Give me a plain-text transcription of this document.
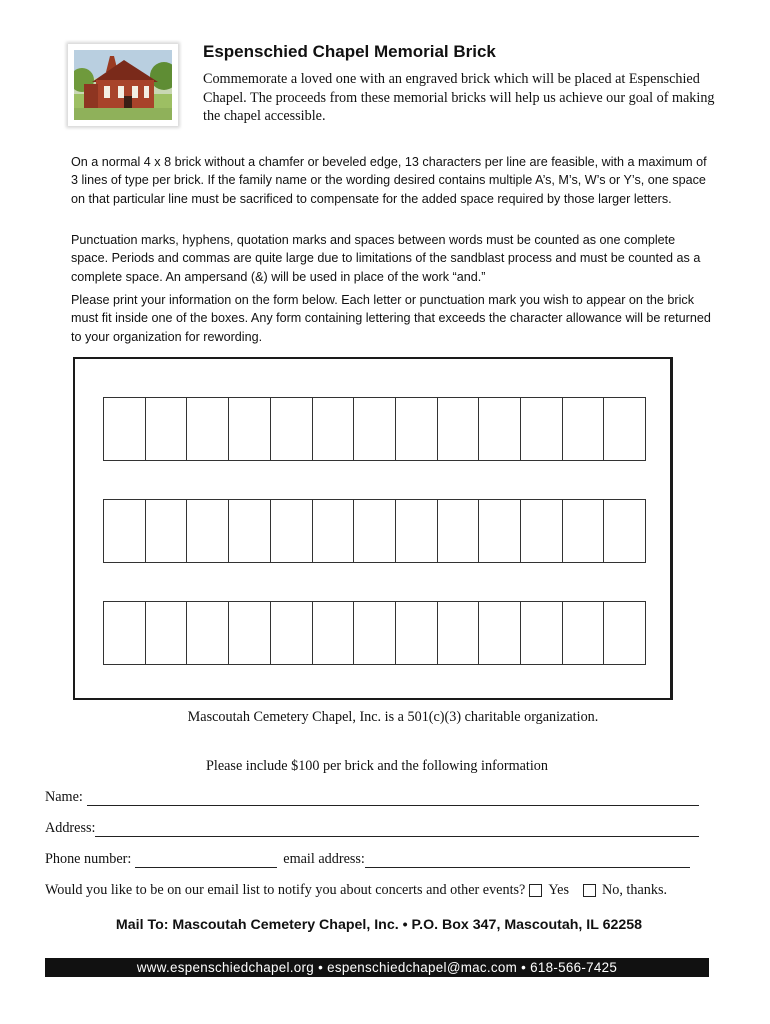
Espenschied Chapel Memorial Brick

Commemorate a loved one with an engraved brick which will be placed at Espenschied Chapel. The proceeds from these memorial bricks will help us achieve our goal of making the chapel accessible.

On a normal 4 x 8 brick without a chamfer or beveled edge, 13 characters per line are feasible, with a maximum of 3 lines of type per brick. If the family name or the wording desired contains multiple A’s, M’s, W’s or Y’s, one space on that particular line must be sacrificed to compensate for the added space required by those larger letters.

Punctuation marks, hyphens, quotation marks and spaces between words must be counted as one complete space. Periods and commas are quite large due to limitations of the sandblast process and must be counted as a complete space. An ampersand (&) will be used in place of the work “and.”

Please print your information on the form below. Each letter or punctuation mark you wish to appear on the brick must fit inside one of the boxes. Any form containing lettering that exceeds the character allowance will be returned to your organization for rewording.

Mascoutah Cemetery Chapel, Inc. is a 501(c)(3) charitable organization.

Please include $100 per brick and the following information

Name:
Address:
Phone number:	email address:
Would you like to be on our email list to notify you about concerts and other events? Yes No, thanks.

Mail To: Mascoutah Cemetery Chapel, Inc. • P.O. Box 347, Mascoutah, IL 62258

www.espenschiedchapel.org • espenschiedchapel@mac.com • 618-566-7425
